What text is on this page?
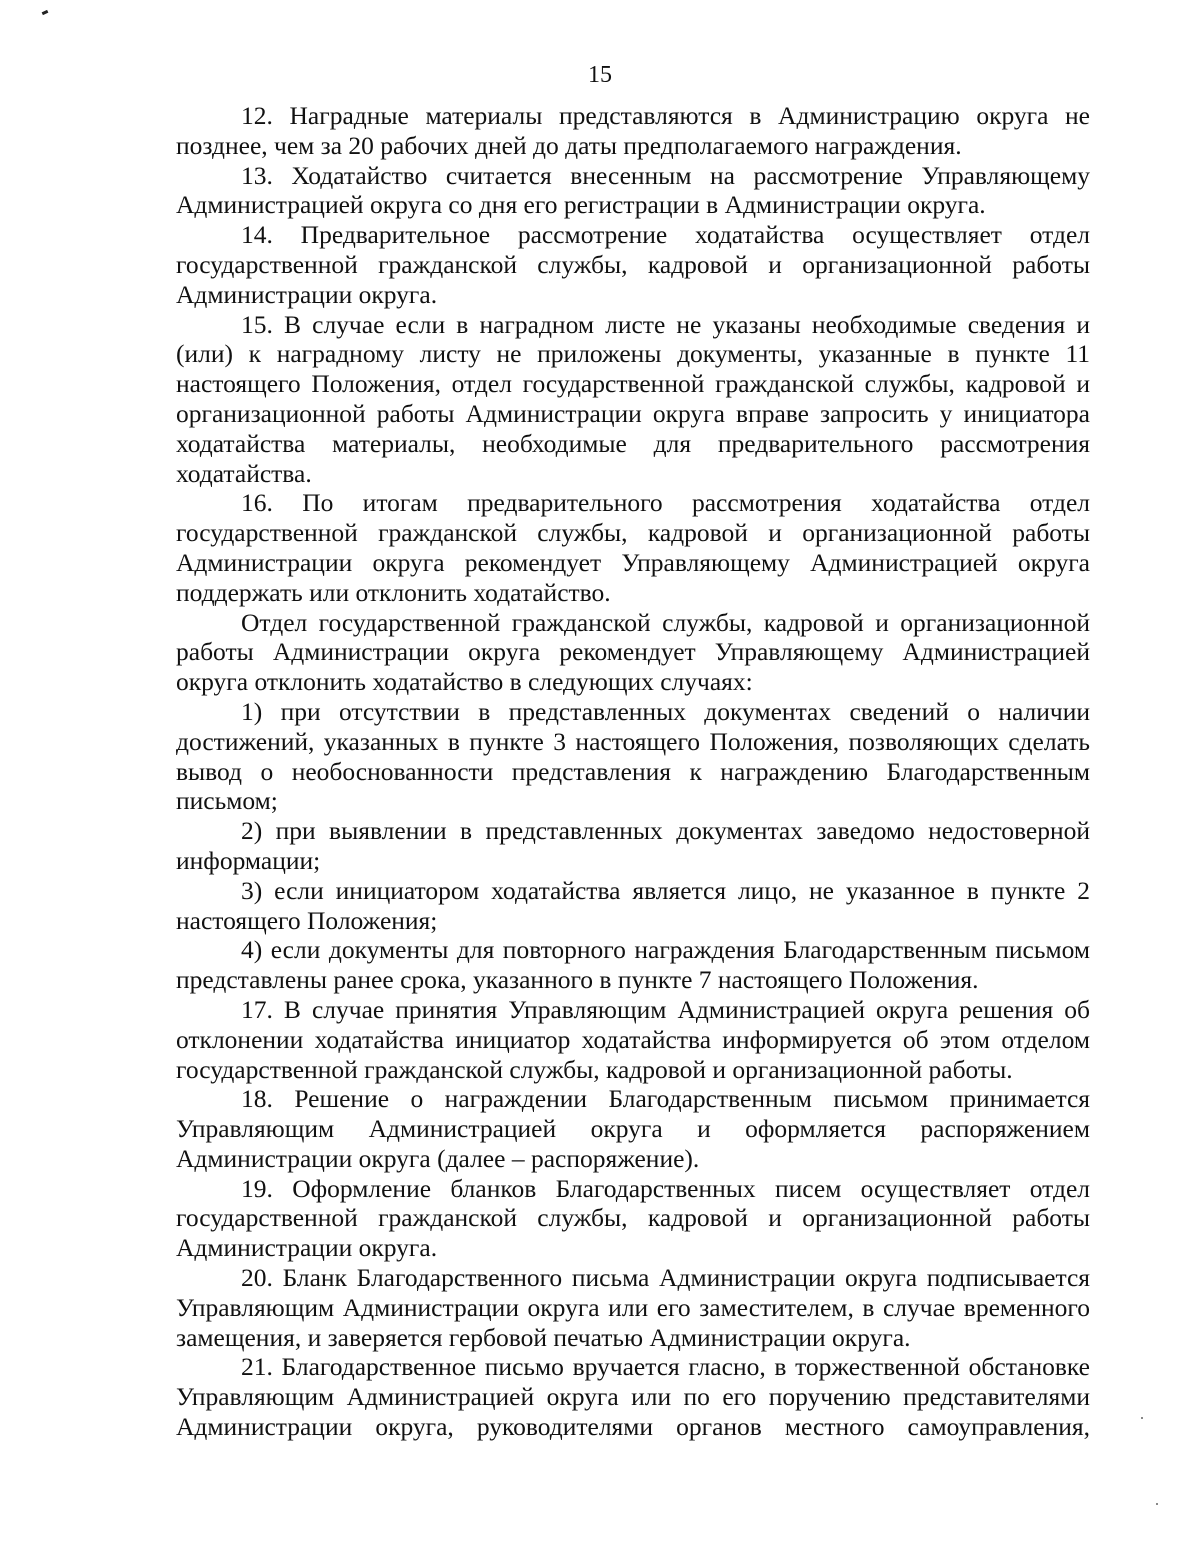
15

12. Наградные материалы представляются в Администрацию округа не позднее, чем за 20 рабочих дней до даты предполагаемого награждения.

13. Ходатайство считается внесенным на рассмотрение Управляющему Администрацией округа со дня его регистрации в Администрации округа.

14. Предварительное рассмотрение ходатайства осуществляет отдел государственной гражданской службы, кадровой и организационной работы Администрации округа.

15. В случае если в наградном листе не указаны необходимые сведения и (или) к наградному листу не приложены документы, указанные в пункте 11 настоящего Положения, отдел государственной гражданской службы, кадровой и организационной работы Администрации округа вправе запросить у инициатора ходатайства материалы, необходимые для предварительного рассмотрения ходатайства.

16. По итогам предварительного рассмотрения ходатайства отдел государственной гражданской службы, кадровой и организационной работы Администрации округа рекомендует Управляющему Администрацией округа поддержать или отклонить ходатайство.

Отдел государственной гражданской службы, кадровой и организационной работы Администрации округа рекомендует Управляющему Администрацией округа отклонить ходатайство в следующих случаях:

1) при отсутствии в представленных документах сведений о наличии достижений, указанных в пункте 3 настоящего Положения, позволяющих сделать вывод о необоснованности представления к награждению Благодарственным письмом;

2) при выявлении в представленных документах заведомо недостоверной информации;

3) если инициатором ходатайства является лицо, не указанное в пункте 2 настоящего Положения;

4) если документы для повторного награждения Благодарственным письмом представлены ранее срока, указанного в пункте 7 настоящего Положения.

17. В случае принятия Управляющим Администрацией округа решения об отклонении ходатайства инициатор ходатайства информируется об этом отделом государственной гражданской службы, кадровой и организационной работы.

18. Решение о награждении Благодарственным письмом принимается Управляющим Администрацией округа и оформляется распоряжением Администрации округа (далее – распоряжение).

19. Оформление бланков Благодарственных писем осуществляет отдел государственной гражданской службы, кадровой и организационной работы Администрации округа.

20. Бланк Благодарственного письма Администрации округа подписывается Управляющим Администрации округа или его заместителем, в случае временного замещения, и заверяется гербовой печатью Администрации округа.

21. Благодарственное письмо вручается гласно, в торжественной обстановке Управляющим Администрацией округа или по его поручению представителями Администрации округа, руководителями органов местного самоуправления,
